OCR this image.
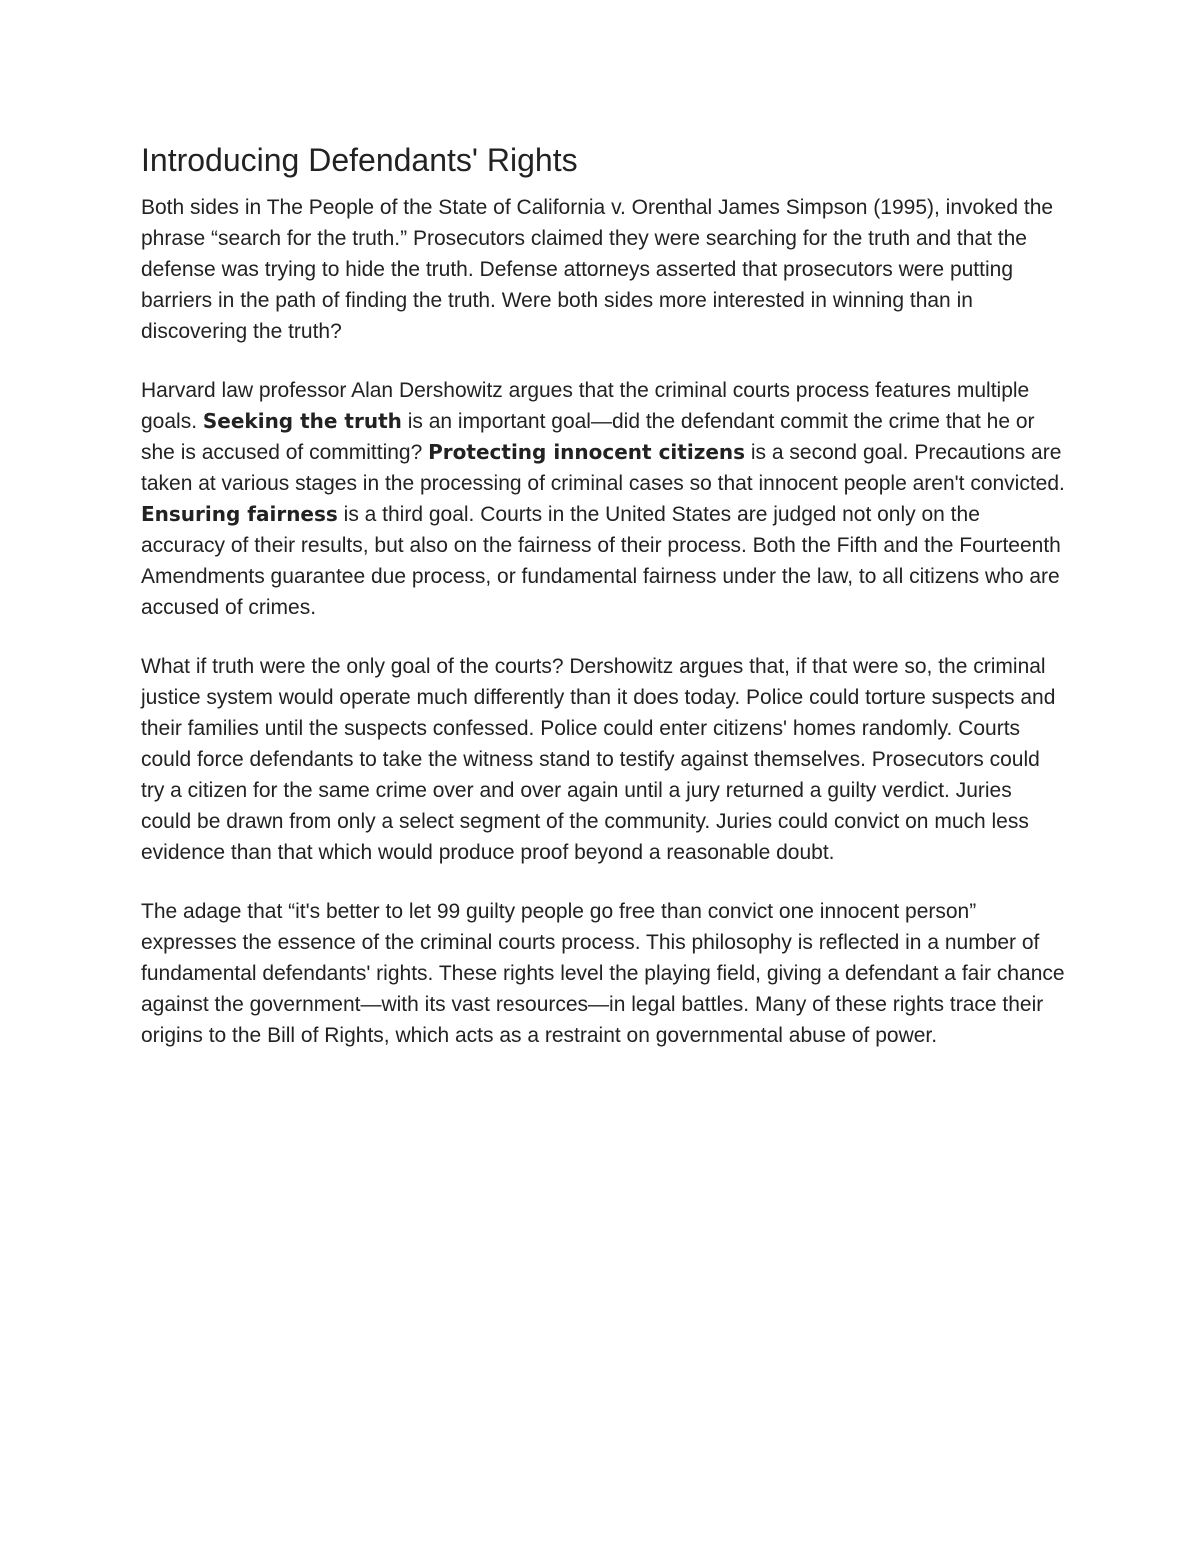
Introducing Defendants' Rights

Both sides in The People of the State of California v. Orenthal James Simpson (1995), invoked the phrase “search for the truth.” Prosecutors claimed they were searching for the truth and that the defense was trying to hide the truth. Defense attorneys asserted that prosecutors were putting barriers in the path of finding the truth. Were both sides more interested in winning than in discovering the truth?

Harvard law professor Alan Dershowitz argues that the criminal courts process features multiple goals. Seeking the truth is an important goal—did the defendant commit the crime that he or she is accused of committing? Protecting innocent citizens is a second goal. Precautions are taken at various stages in the processing of criminal cases so that innocent people aren't convicted. Ensuring fairness is a third goal. Courts in the United States are judged not only on the accuracy of their results, but also on the fairness of their process. Both the Fifth and the Fourteenth Amendments guarantee due process, or fundamental fairness under the law, to all citizens who are accused of crimes.

What if truth were the only goal of the courts? Dershowitz argues that, if that were so, the criminal justice system would operate much differently than it does today. Police could torture suspects and their families until the suspects confessed. Police could enter citizens' homes randomly. Courts could force defendants to take the witness stand to testify against themselves. Prosecutors could try a citizen for the same crime over and over again until a jury returned a guilty verdict. Juries could be drawn from only a select segment of the community. Juries could convict on much less evidence than that which would produce proof beyond a reasonable doubt.

The adage that “it's better to let 99 guilty people go free than convict one innocent person” expresses the essence of the criminal courts process. This philosophy is reflected in a number of fundamental defendants' rights. These rights level the playing field, giving a defendant a fair chance against the government—with its vast resources—in legal battles. Many of these rights trace their origins to the Bill of Rights, which acts as a restraint on governmental abuse of power.
